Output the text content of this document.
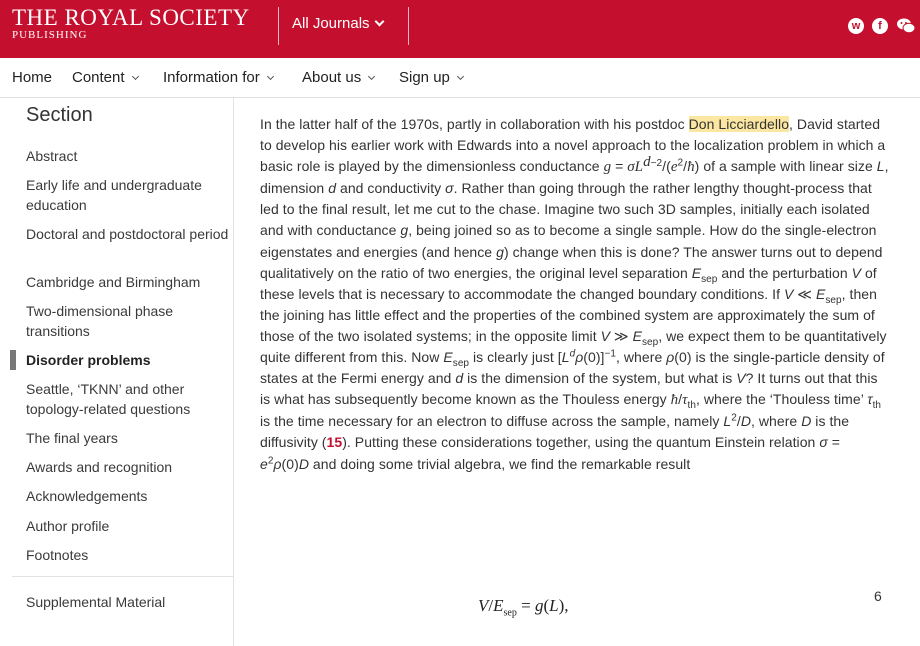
THE ROYAL SOCIETY
PUBLISHING
All Journals	w	f
Home Content	Information for	About us	Sign up
Section
Abstract
Early life and undergraduate education
Doctoral and postdoctoral period
Cambridge and Birmingham
Two-dimensional phase transitions
Disorder problems
Seattle, ‘TKNN’ and other topology-related questions
The final years
Awards and recognition
Acknowledgements
Author profile
Footnotes
Supplemental Material

In the latter half of the 1970s, partly in collaboration with his postdoc Don Licciardello, David started to develop his earlier work with Edwards into a novel approach to the localization problem in which a basic role is played by the dimensionless conductance $g = \sigma L^{d-2}/(e^2/ħ)$ of a sample with linear size L, dimension d and conductivity σ. Rather than going through the rather lengthy thought-process that led to the final result, let me cut to the chase. Imagine two such 3D samples, initially each isolated and with conductance g, being joined so as to become a single sample. How do the single-electron eigenstates and energies (and hence g) change when this is done? The answer turns out to depend qualitatively on the ratio of two energies, the original level separation $E_{sep}$ and the perturbation V of these levels that is necessary to accommodate the changed boundary conditions. If V ≪ $E_{sep}$, then the joining has little effect and the properties of the combined system are approximately the sum of those of the two isolated systems; in the opposite limit V ≫ $E_{sep}$, we expect them to be quantitatively quite different from this. Now $E_{sep}$ is clearly just $[L^d\rho(0)]^{-1}$, where ρ(0) is the single-particle density of states at the Fermi energy and d is the dimension of the system, but what is V? It turns out that this is what has subsequently become known as the Thouless energy $ħ/\tau_{th}$, where the ‘Thouless time’ $\tau_{th}$ is the time necessary for an electron to diffuse across the sample, namely $L^2/D$, where D is the diffusivity (15). Putting these considerations together, using the quantum Einstein relation $\sigma = e^2\rho(0)D$ and doing some trivial algebra, we find the remarkable result

$V/E_{sep} = g(L)$,	6
